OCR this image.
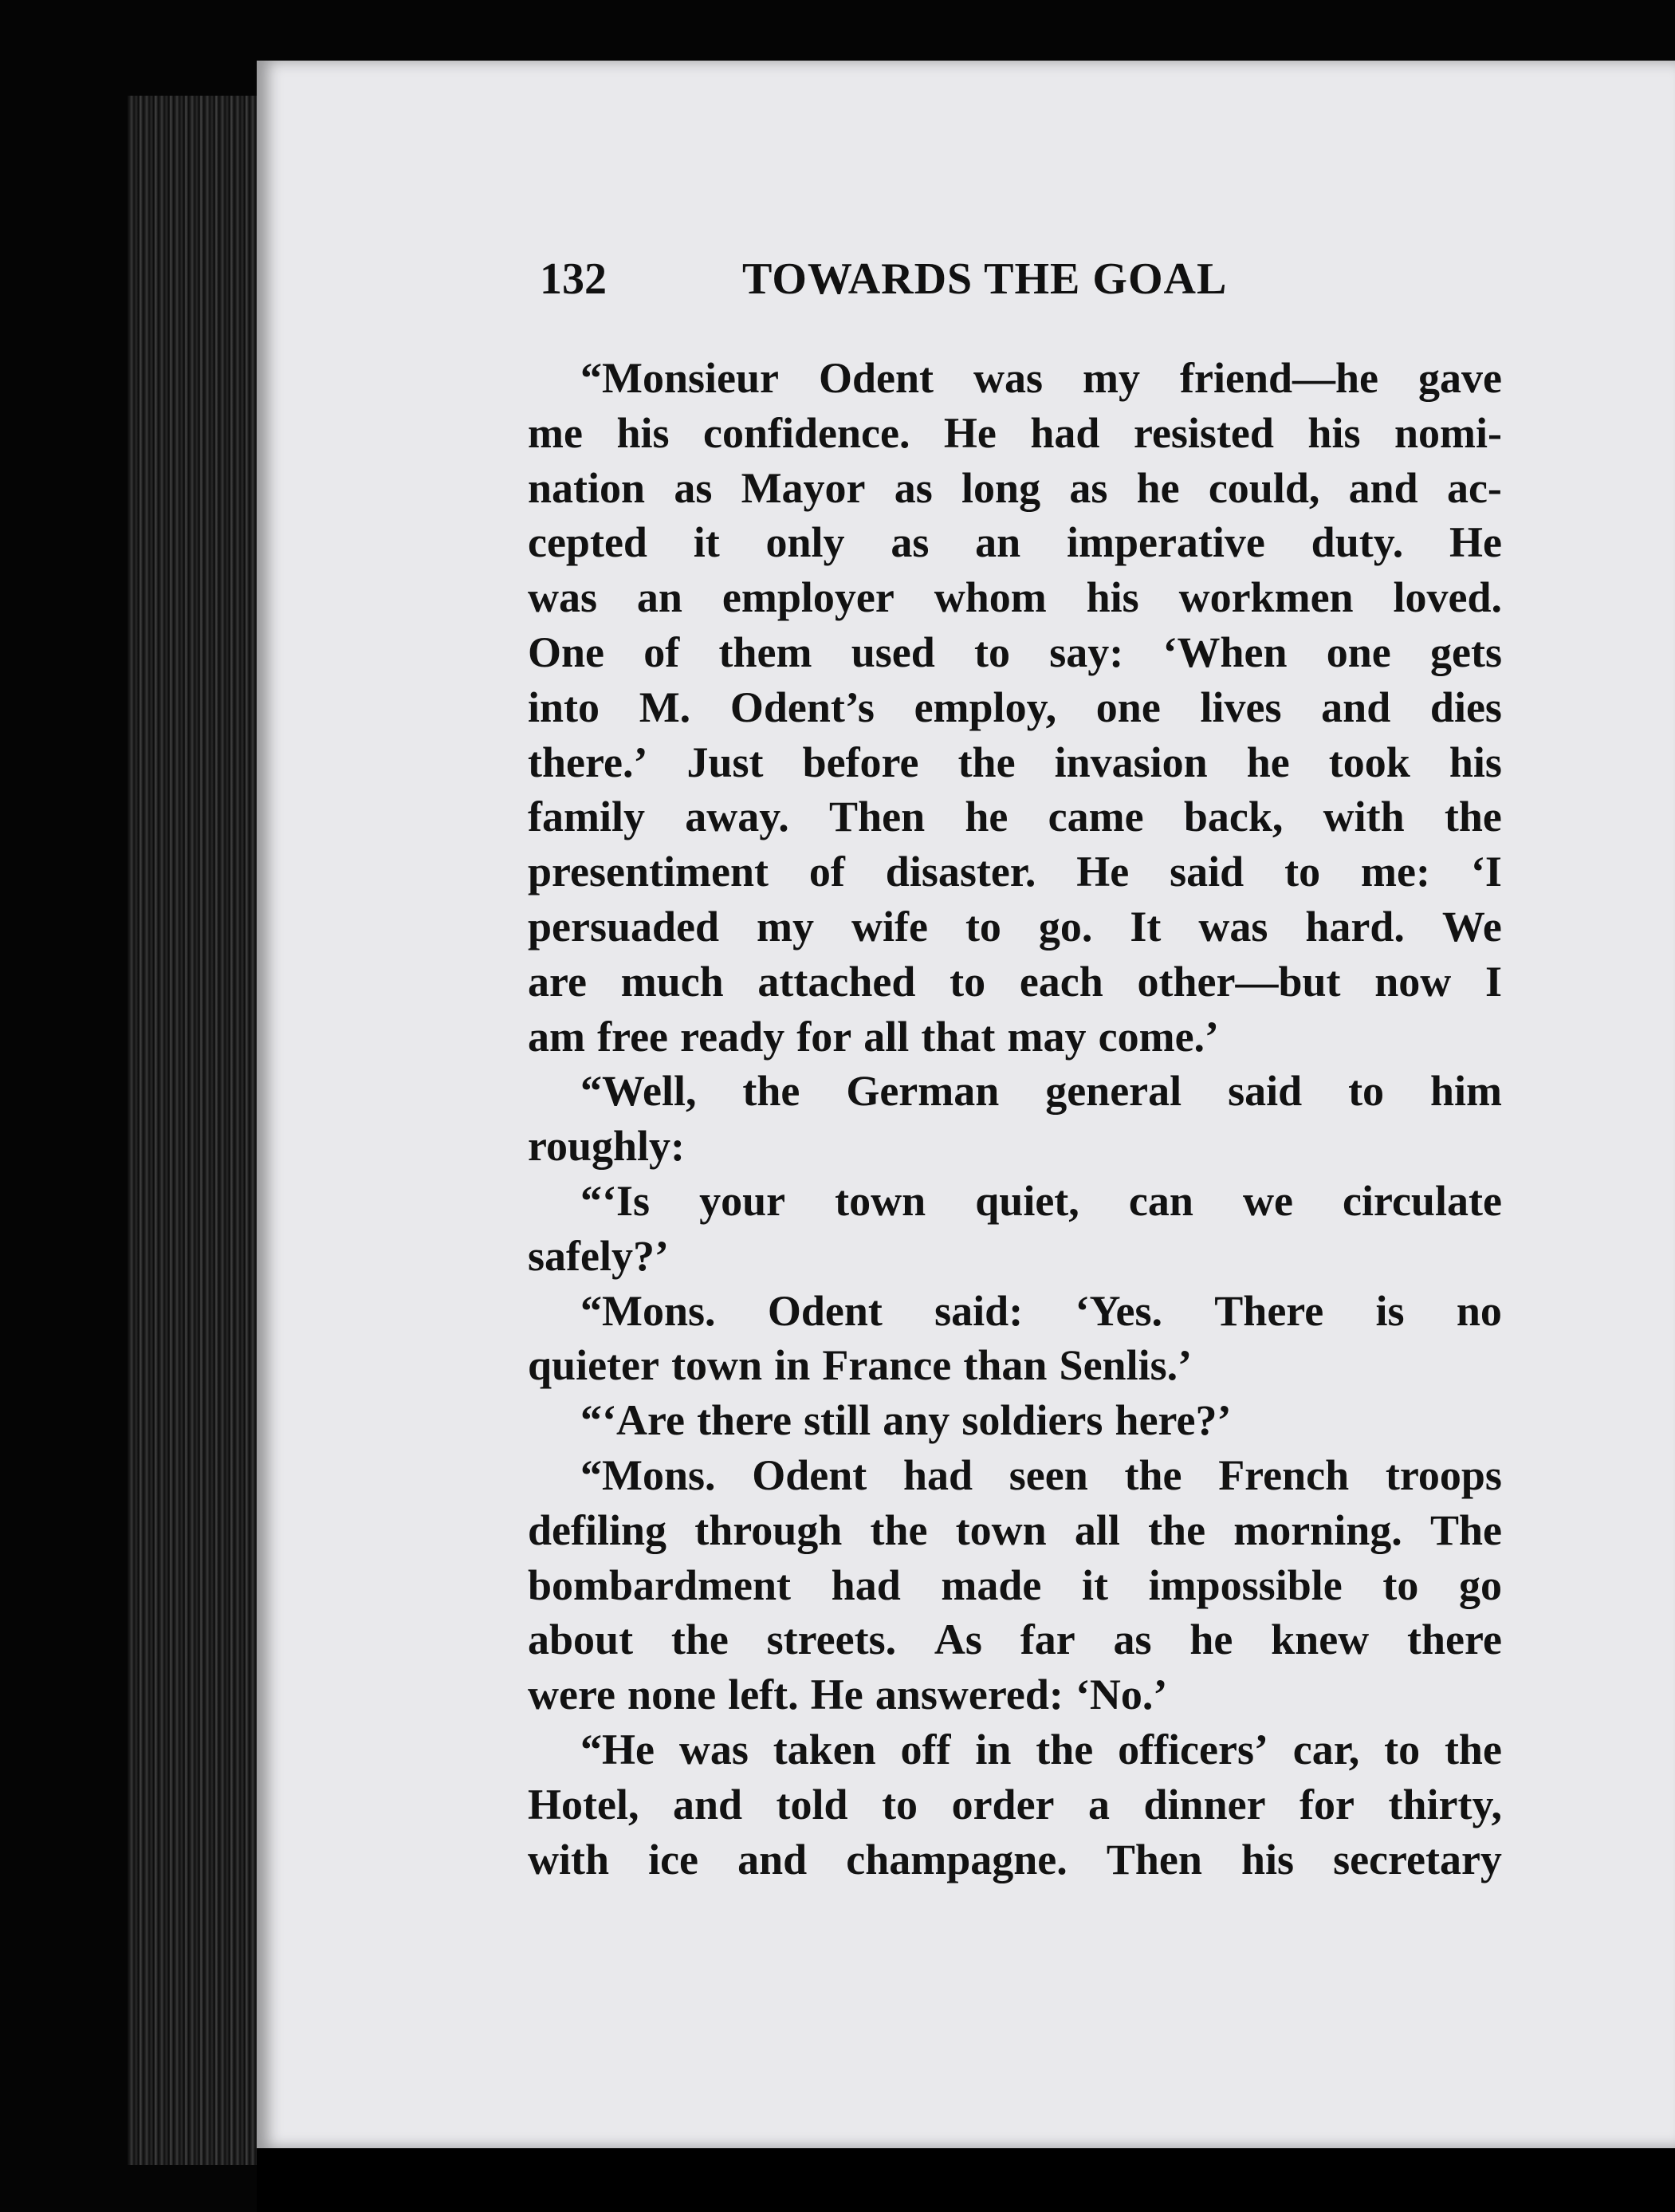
132	TOWARDS THE GOAL
“Monsieur Odent was my friend—he gave
me his confidence. He had resisted his nomi-
nation as Mayor as long as he could, and ac-
cepted it only as an imperative duty. He
was an employer whom his workmen loved.
One of them used to say: ‘When one gets
into M. Odent’s employ, one lives and dies
there.’ Just before the invasion he took his
family away. Then he came back, with the
presentiment of disaster. He said to me: ‘I
persuaded my wife to go. It was hard. We
are much attached to each other—but now I
am free ready for all that may come.’
“Well, the German general said to him
roughly:
“‘Is your town quiet, can we circulate
safely?’
“Mons. Odent said: ‘Yes. There is no
quieter town in France than Senlis.’
“‘Are there still any soldiers here?’
“Mons. Odent had seen the French troops
defiling through the town all the morning. The
bombardment had made it impossible to go
about the streets. As far as he knew there
were none left. He answered: ‘No.’
“He was taken off in the officers’ car, to the
Hotel, and told to order a dinner for thirty,
with ice and champagne. Then his secretary
